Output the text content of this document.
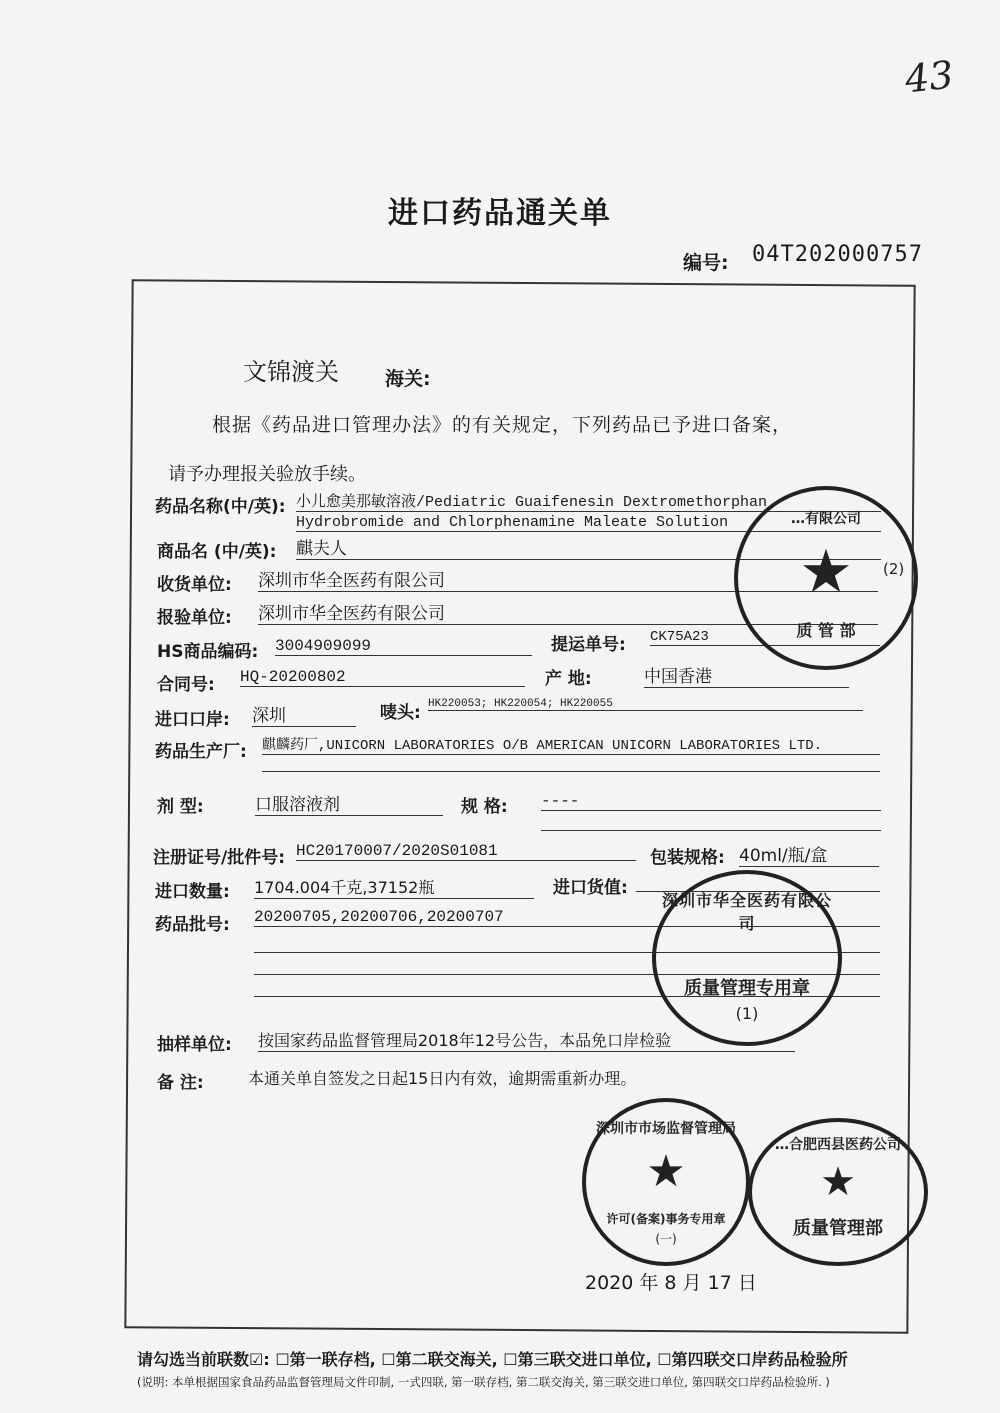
43
进口药品通关单
编号: 04T202000757
文锦渡关 海关:
根据《药品进口管理办法》的有关规定，下列药品已予进口备案，
请予办理报关验放手续。
药品名称(中/英): 小儿愈美那敏溶液/Pediatric Guaifenesin Dextromethorphan
Hydrobromide and Chlorphenamine Maleate Solution
商品名 (中/英): 麒夫人
收货单位: 深圳市华全医药有限公司
报验单位: 深圳市华全医药有限公司
HS商品编码: 3004909099	提运单号: CK75A23
合同号: HQ-20200802	产 地:	中国香港
进口口岸: 深圳	唛头: HK220053; HK220054; HK220055
药品生产厂: 麒麟药厂,UNICORN LABORATORIES O/B AMERICAN UNICORN LABORATORIES LTD.
剂 型:	口服溶液剂	规 格: ----
注册证号/批件号: HC20170007/2020S01081	包装规格: 40ml/瓶/盒
进口数量: 1704.004千克,37152瓶	进口货值:
药品批号: 20200705,20200706,20200707
抽样单位: 按国家药品监督管理局2018年12号公告，本品免口岸检验
备 注:	本通关单自签发之日起15日内有效，逾期需重新办理。
…有限公司
★
质 管 部
(2)
深圳市华全医药有限公司
质量管理专用章
(1)
深圳市市场监督管理局
★
许可(备案)事务专用章
(一)
…合肥西县医药公司
★
质量管理部
2020 年 8 月 17 日
请勾选当前联数☑: ☐第一联存档, ☐第二联交海关, ☐第三联交进口单位, ☐第四联交口岸药品检验所
(说明: 本单根据国家食品药品监督管理局文件印制, 一式四联, 第一联存档, 第二联交海关, 第三联交进口单位, 第四联交口岸药品检验所. )
